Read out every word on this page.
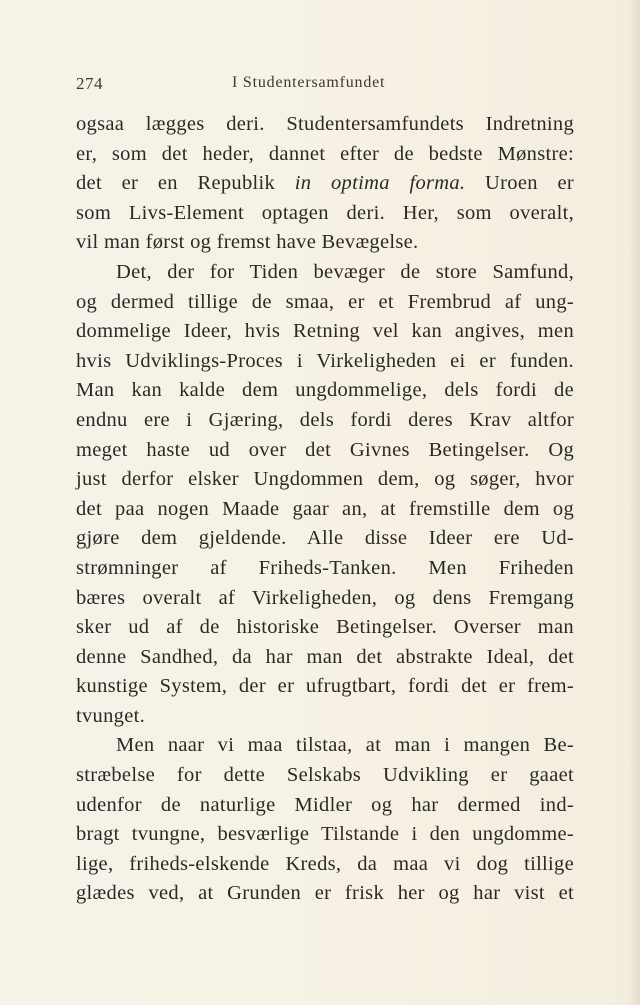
274	I Studentersamfundet
ogsaa lægges deri. Studentersamfundets Indretning
er, som det heder, dannet efter de bedste Mønstre:
det er en Republik in optima forma. Uroen er
som Livs-Element optagen deri. Her, som overalt,
vil man først og fremst have Bevægelse.
Det, der for Tiden bevæger de store Samfund,
og dermed tillige de smaa, er et Frembrud af ung-
dommelige Ideer, hvis Retning vel kan angives, men
hvis Udviklings-Proces i Virkeligheden ei er funden.
Man kan kalde dem ungdommelige, dels fordi de
endnu ere i Gjæring, dels fordi deres Krav altfor
meget haste ud over det Givnes Betingelser. Og
just derfor elsker Ungdommen dem, og søger, hvor
det paa nogen Maade gaar an, at fremstille dem og
gjøre dem gjeldende. Alle disse Ideer ere Ud-
strømninger af Friheds-Tanken. Men Friheden
bæres overalt af Virkeligheden, og dens Fremgang
sker ud af de historiske Betingelser. Overser man
denne Sandhed, da har man det abstrakte Ideal, det
kunstige System, der er ufrugtbart, fordi det er frem-
tvunget.
Men naar vi maa tilstaa, at man i mangen Be-
stræbelse for dette Selskabs Udvikling er gaaet
udenfor de naturlige Midler og har dermed ind-
bragt tvungne, besværlige Tilstande i den ungdomme-
lige, friheds-elskende Kreds, da maa vi dog tillige
glædes ved, at Grunden er frisk her og har vist et
